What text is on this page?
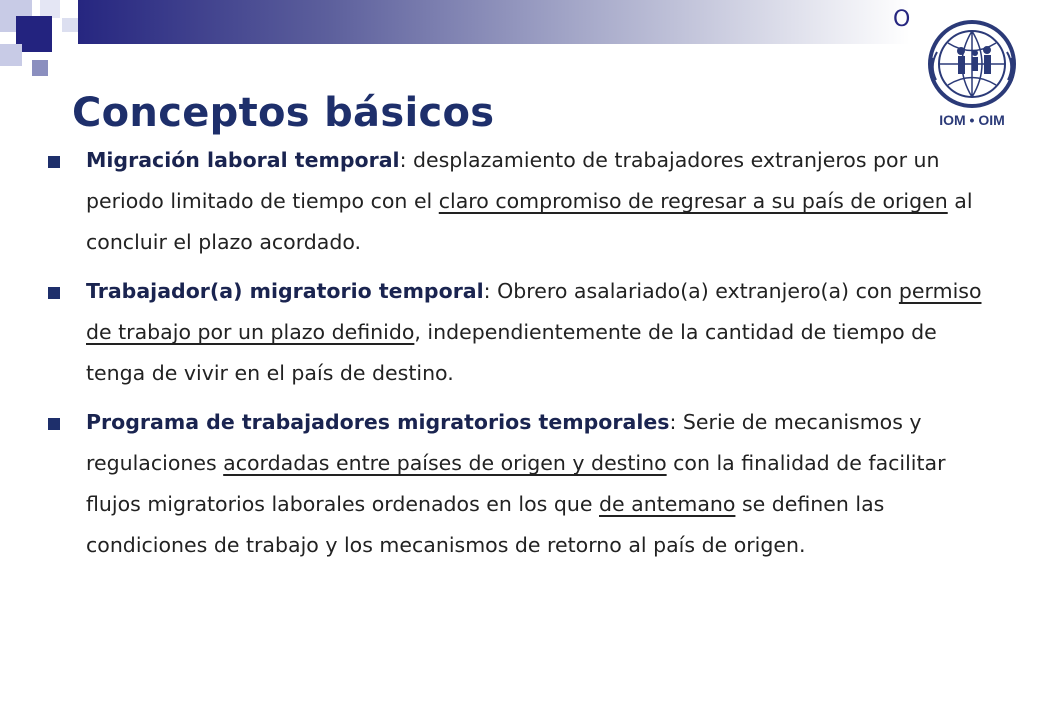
O
IOM • OIM
Conceptos básicos
Migración laboral temporal: desplazamiento de trabajadores extranjeros por un periodo limitado de tiempo con el claro compromiso de regresar a su país de origen al concluir el plazo acordado.
Trabajador(a) migratorio temporal: Obrero asalariado(a) extranjero(a) con permiso de trabajo por un plazo definido, independientemente de la cantidad de tiempo de tenga de vivir en el país de destino.
Programa de trabajadores migratorios temporales: Serie de mecanismos y regulaciones acordadas entre países de origen y destino con la finalidad de facilitar flujos migratorios laborales ordenados en los que de antemano se definen las condiciones de trabajo y los mecanismos de retorno al país de origen.
